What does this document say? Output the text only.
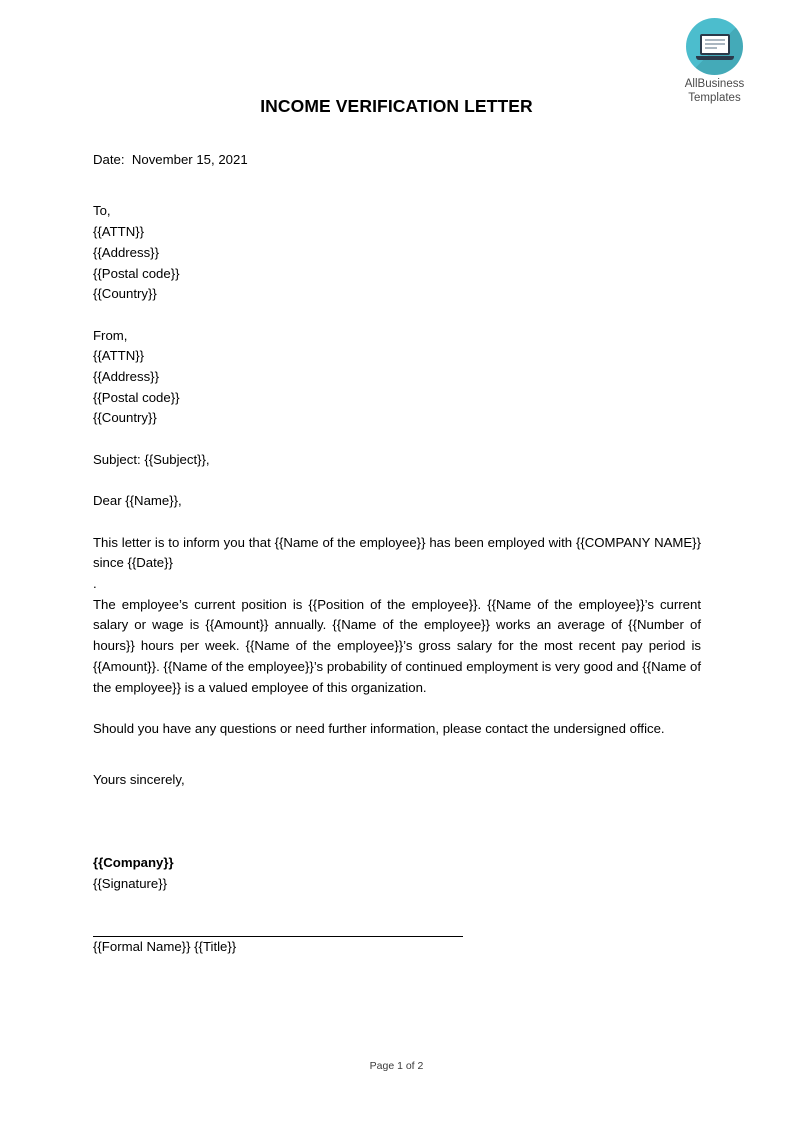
AllBusiness
Templates
INCOME VERIFICATION LETTER
Date:  November 15, 2021
To,
{{ATTN}}
{{Address}}
{{Postal code}}
{{Country}}
From,
{{ATTN}}
{{Address}}
{{Postal code}}
{{Country}}
Subject: {{Subject}},
Dear {{Name}},

This letter is to inform you that {{Name of the employee}} has been employed with {{COMPANY NAME}} since {{Date}}

.

The employee’s current position is {{Position of the employee}}. {{Name of the employee}}’s current salary or wage is {{Amount}} annually. {{Name of the employee}} works an average of {{Number of hours}} hours per week. {{Name of the employee}}’s gross salary for the most recent pay period is {{Amount}}. {{Name of the employee}}’s probability of continued employment is very good and {{Name of the employee}} is a valued employee of this organization.

Should you have any questions or need further information, please contact the undersigned office.

Yours sincerely,
{{Company}}
{{Signature}}
{{Formal Name}} {{Title}}
Page 1 of 2
